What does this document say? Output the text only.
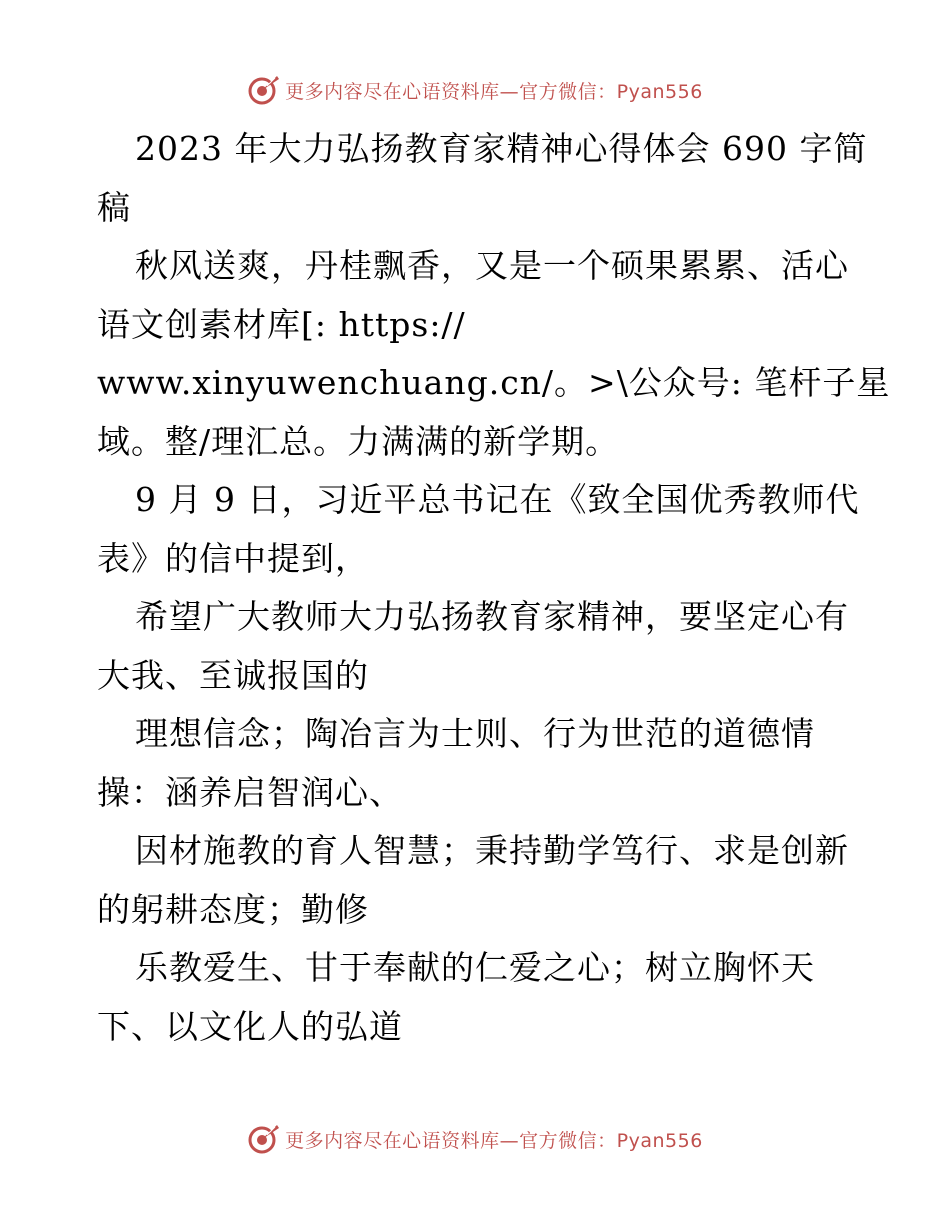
更多内容尽在心语资料库—官方微信：Pyan556
2023 年大力弘扬教育家精神心得体会 690 字简
稿
秋风送爽，丹桂飘香，又是一个硕果累累、活心
语文创素材库[: https://
www.xinyuwenchuang.cn/。>\公众号: 笔杆子星
域。整/理汇总。力满满的新学期。
9 月 9 日，习近平总书记在《致全国优秀教师代
表》的信中提到，
希望广大教师大力弘扬教育家精神，要坚定心有
大我、至诚报国的
理想信念；陶冶言为士则、行为世范的道德情
操：涵养启智润心、
因材施教的育人智慧；秉持勤学笃行、求是创新
的躬耕态度；勤修
乐教爱生、甘于奉献的仁爱之心；树立胸怀天
下、以文化人的弘道
更多内容尽在心语资料库—官方微信：Pyan556
